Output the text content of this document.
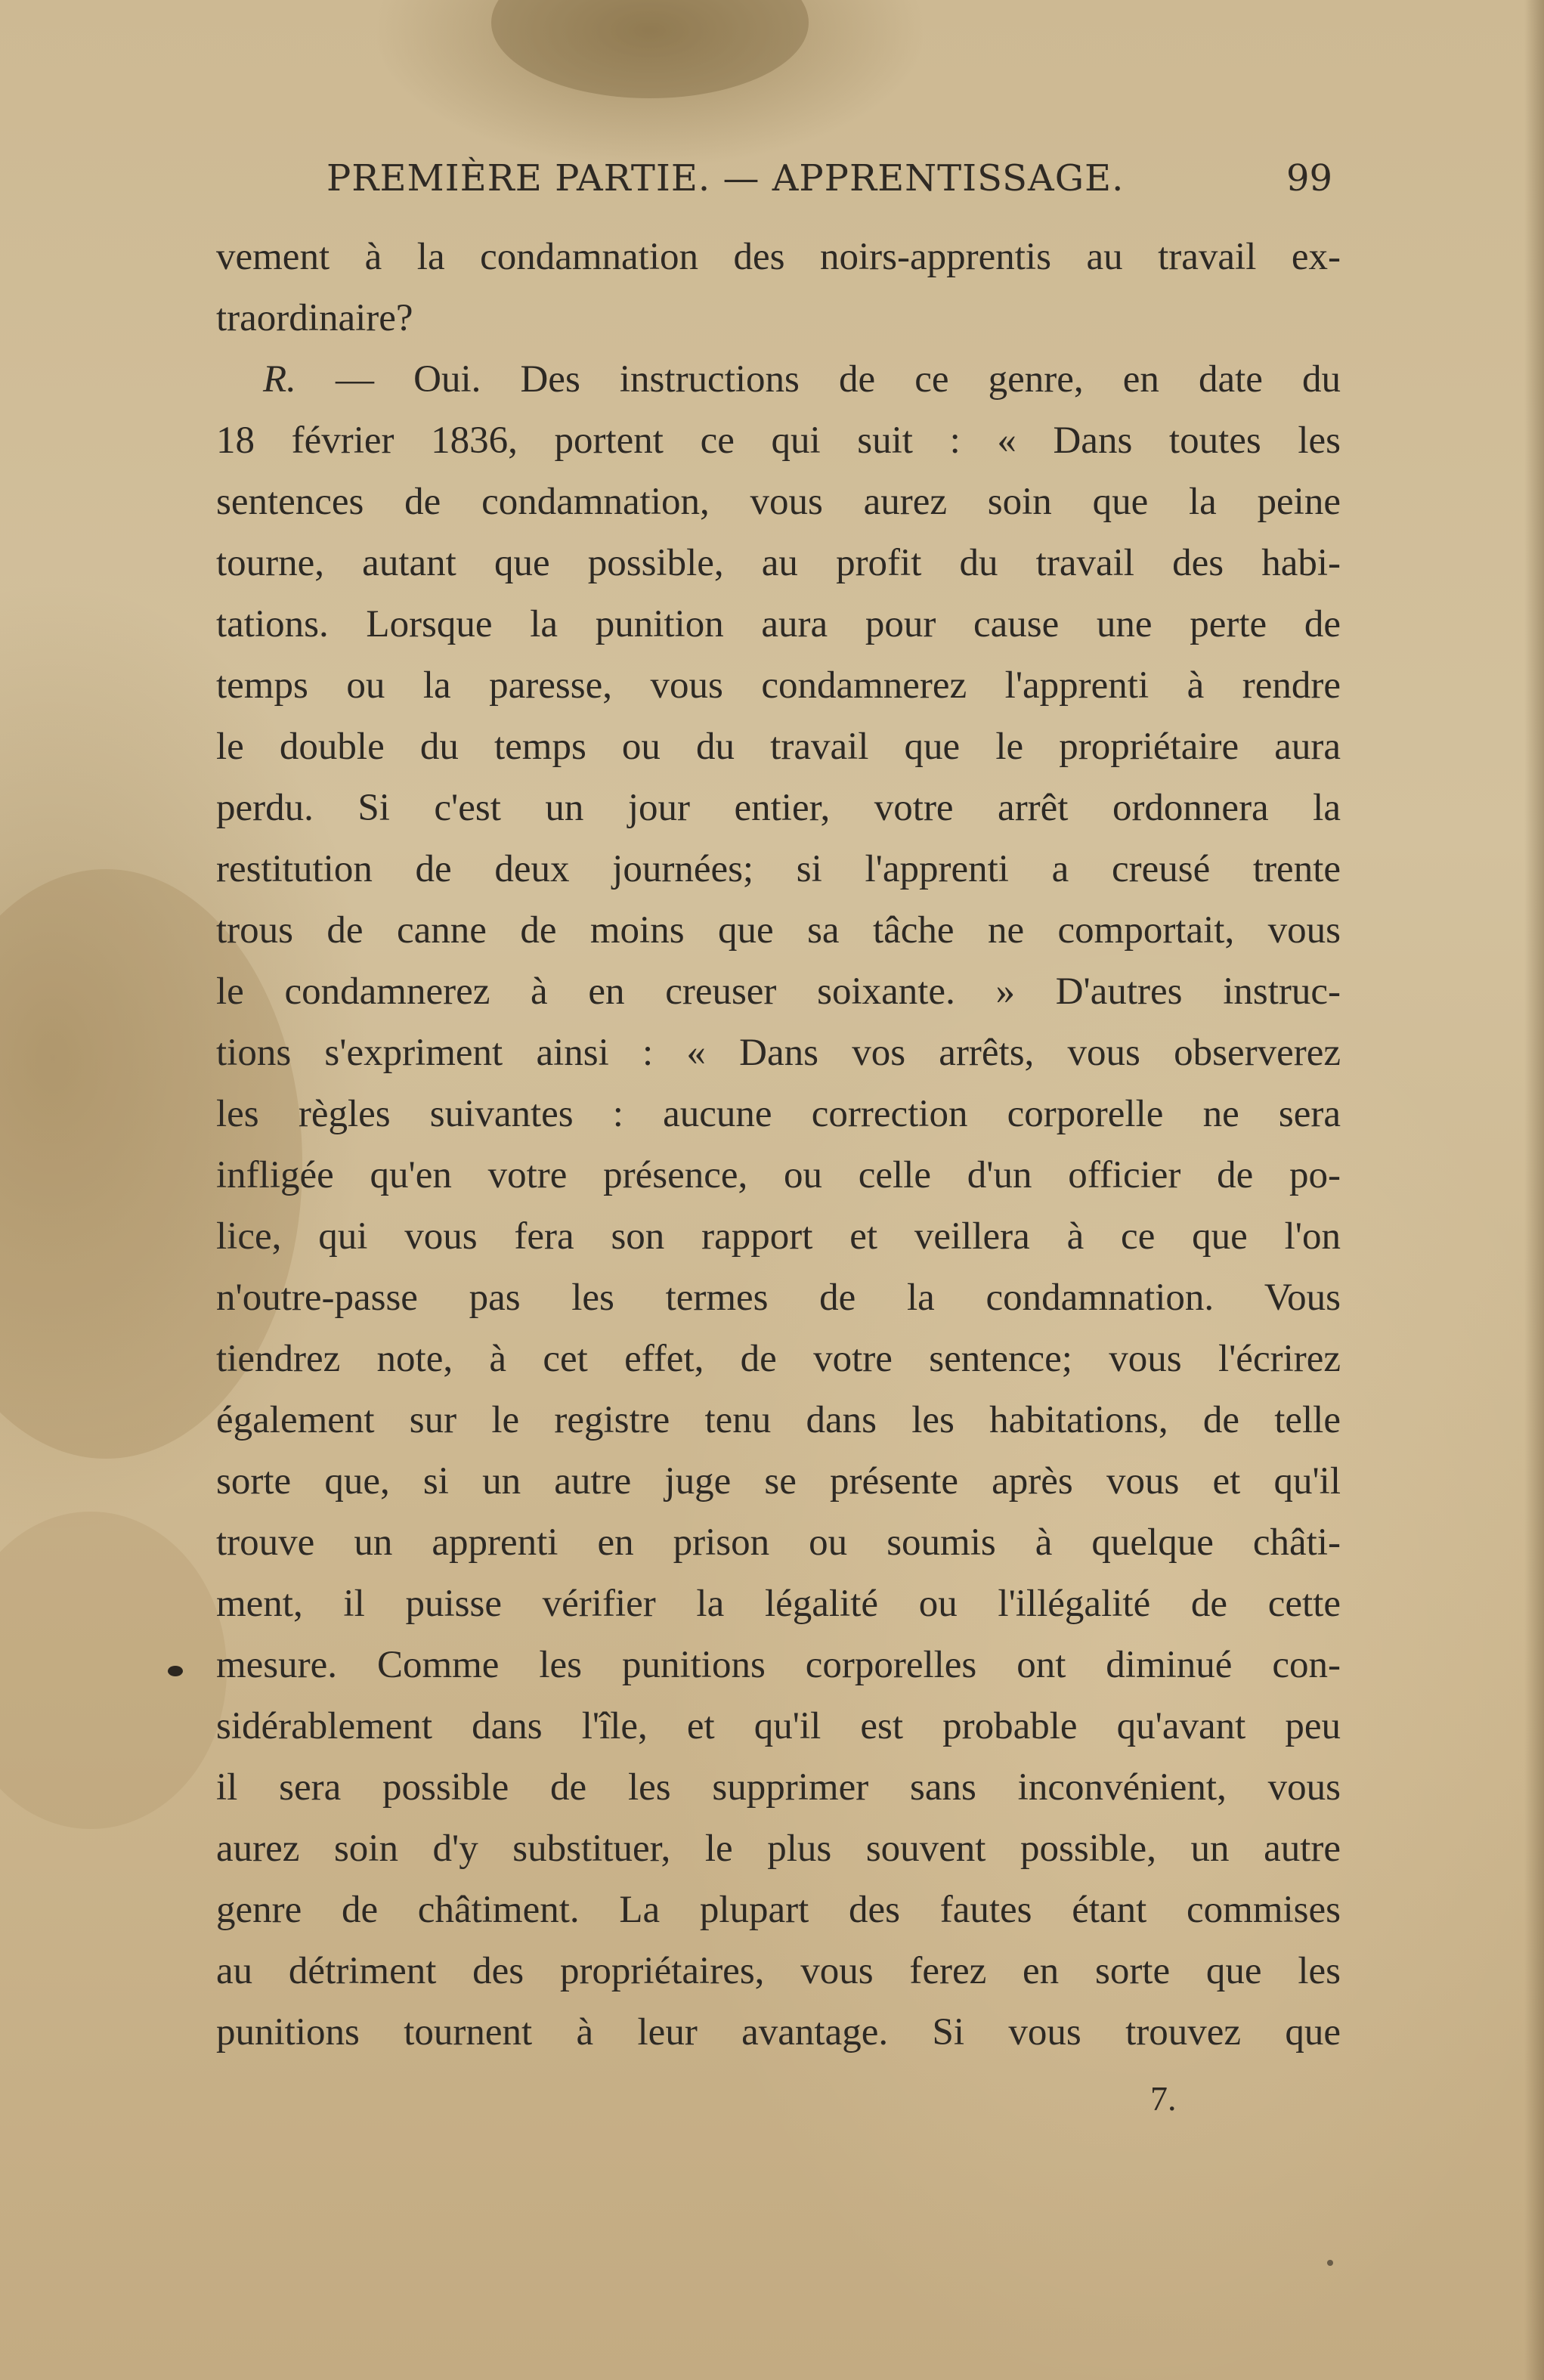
PREMIÈRE PARTIE. — APPRENTISSAGE.	99
vement à la condamnation des noirs-apprentis au travail ex-
traordinaire?
R. — Oui. Des instructions de ce genre, en date du
18 février 1836, portent ce qui suit : « Dans toutes les
sentences de condamnation, vous aurez soin que la peine
tourne, autant que possible, au profit du travail des habi-
tations. Lorsque la punition aura pour cause une perte de
temps ou la paresse, vous condamnerez l'apprenti à rendre
le double du temps ou du travail que le propriétaire aura
perdu. Si c'est un jour entier, votre arrêt ordonnera la
restitution de deux journées; si l'apprenti a creusé trente
trous de canne de moins que sa tâche ne comportait, vous
le condamnerez à en creuser soixante. » D'autres instruc-
tions s'expriment ainsi : « Dans vos arrêts, vous observerez
les règles suivantes : aucune correction corporelle ne sera
infligée qu'en votre présence, ou celle d'un officier de po-
lice, qui vous fera son rapport et veillera à ce que l'on
n'outre-passe pas les termes de la condamnation. Vous
tiendrez note, à cet effet, de votre sentence; vous l'écrirez
également sur le registre tenu dans les habitations, de telle
sorte que, si un autre juge se présente après vous et qu'il
trouve un apprenti en prison ou soumis à quelque châti-
ment, il puisse vérifier la légalité ou l'illégalité de cette
mesure. Comme les punitions corporelles ont diminué con-
sidérablement dans l'île, et qu'il est probable qu'avant peu
il sera possible de les supprimer sans inconvénient, vous
aurez soin d'y substituer, le plus souvent possible, un autre
genre de châtiment. La plupart des fautes étant commises
au détriment des propriétaires, vous ferez en sorte que les
punitions tournent à leur avantage. Si vous trouvez que
7.
